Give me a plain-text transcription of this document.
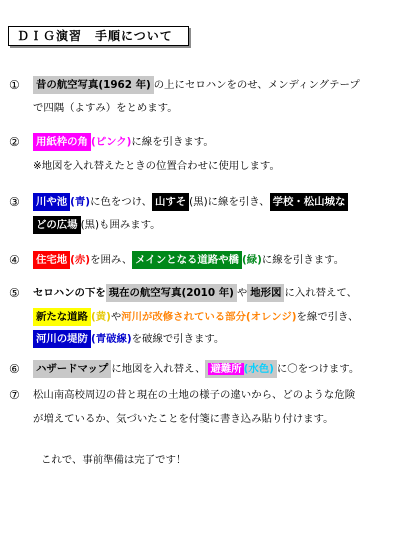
ＤＩＧ演習　手順について
① 昔の航空写真(1962 年) の上にセロハンをのせ、メンディングテープ
で四隅（よすみ）をとめます。
② 用紙枠の角 (ピンク)に線を引きます。
※地図を入れ替えたときの位置合わせに使用します。
③ 川や池 (青)に色をつけ、 山すそ (黒)に線を引き、 学校・松山城な
どの広場 (黒)も囲みます。
④ 住宅地 (赤)を囲み、 メインとなる道路や橋 (緑)に線を引きます。
⑤ セロハンの下を 現在の航空写真(2010 年) や 地形図 に入れ替えて、
新たな道路 (黄)や河川が改修されている部分(オレンジ)を線で引き、
河川の堤防 (青破線)を破線で引きます。
⑥ ハザードマップ に地図を入れ替え、 避難所 (水色) に〇をつけます。
⑦ 松山南高校周辺の昔と現在の土地の様子の違いから、どのような危険
が増えているか、気づいたことを付箋に書き込み貼り付けます。
これで、事前準備は完了です！
